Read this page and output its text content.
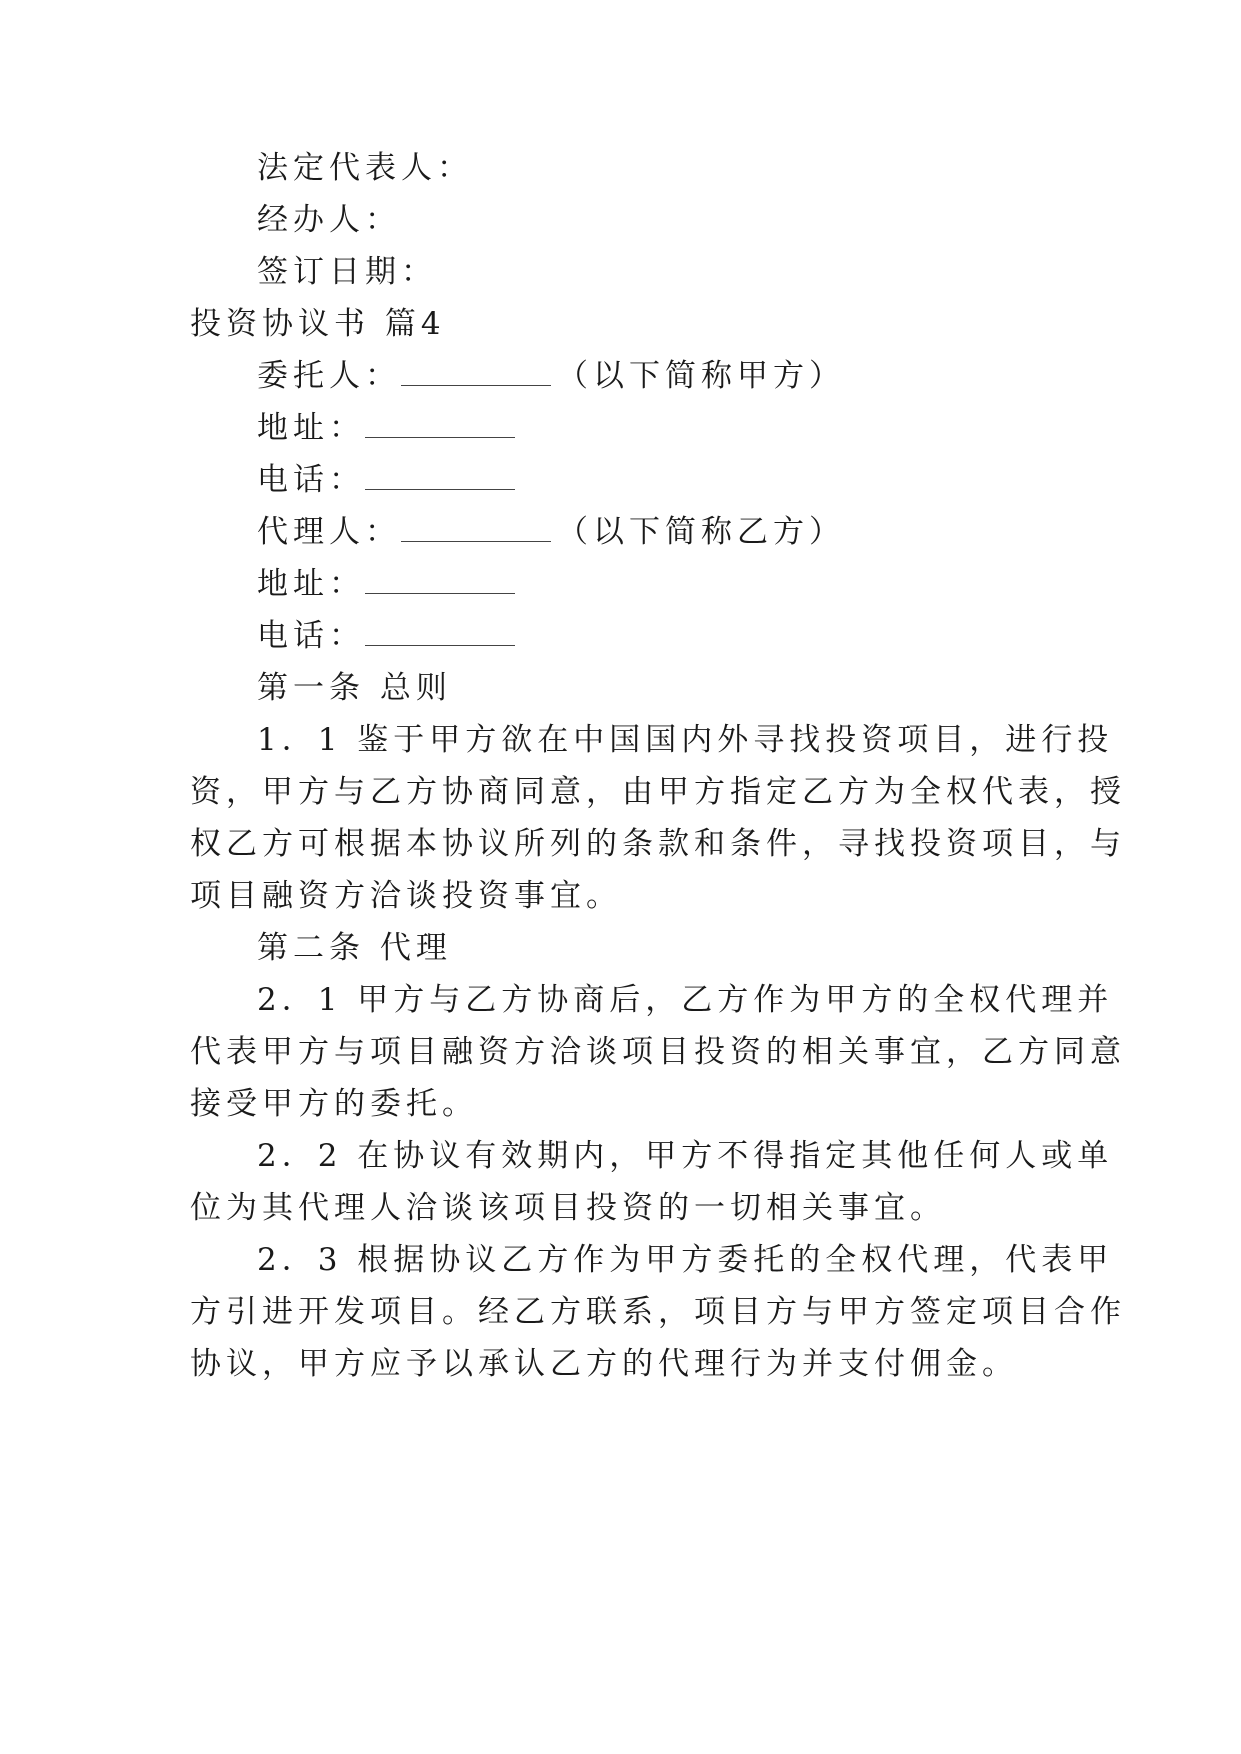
法定代表人：
经办人：
签订日期：
投资协议书 篇4
委托人：	（以下简称甲方）
地址：
电话：
代理人：	（以下简称乙方）
地址：
电话：
第一条 总则
1．1 鉴于甲方欲在中国国内外寻找投资项目，进行投
资，甲方与乙方协商同意，由甲方指定乙方为全权代表，授
权乙方可根据本协议所列的条款和条件，寻找投资项目，与
项目融资方洽谈投资事宜。
第二条 代理
2．1 甲方与乙方协商后，乙方作为甲方的全权代理并
代表甲方与项目融资方洽谈项目投资的相关事宜，乙方同意
接受甲方的委托。
2．2 在协议有效期内，甲方不得指定其他任何人或单
位为其代理人洽谈该项目投资的一切相关事宜。
2．3 根据协议乙方作为甲方委托的全权代理，代表甲
方引进开发项目。经乙方联系，项目方与甲方签定项目合作
协议，甲方应予以承认乙方的代理行为并支付佣金。
